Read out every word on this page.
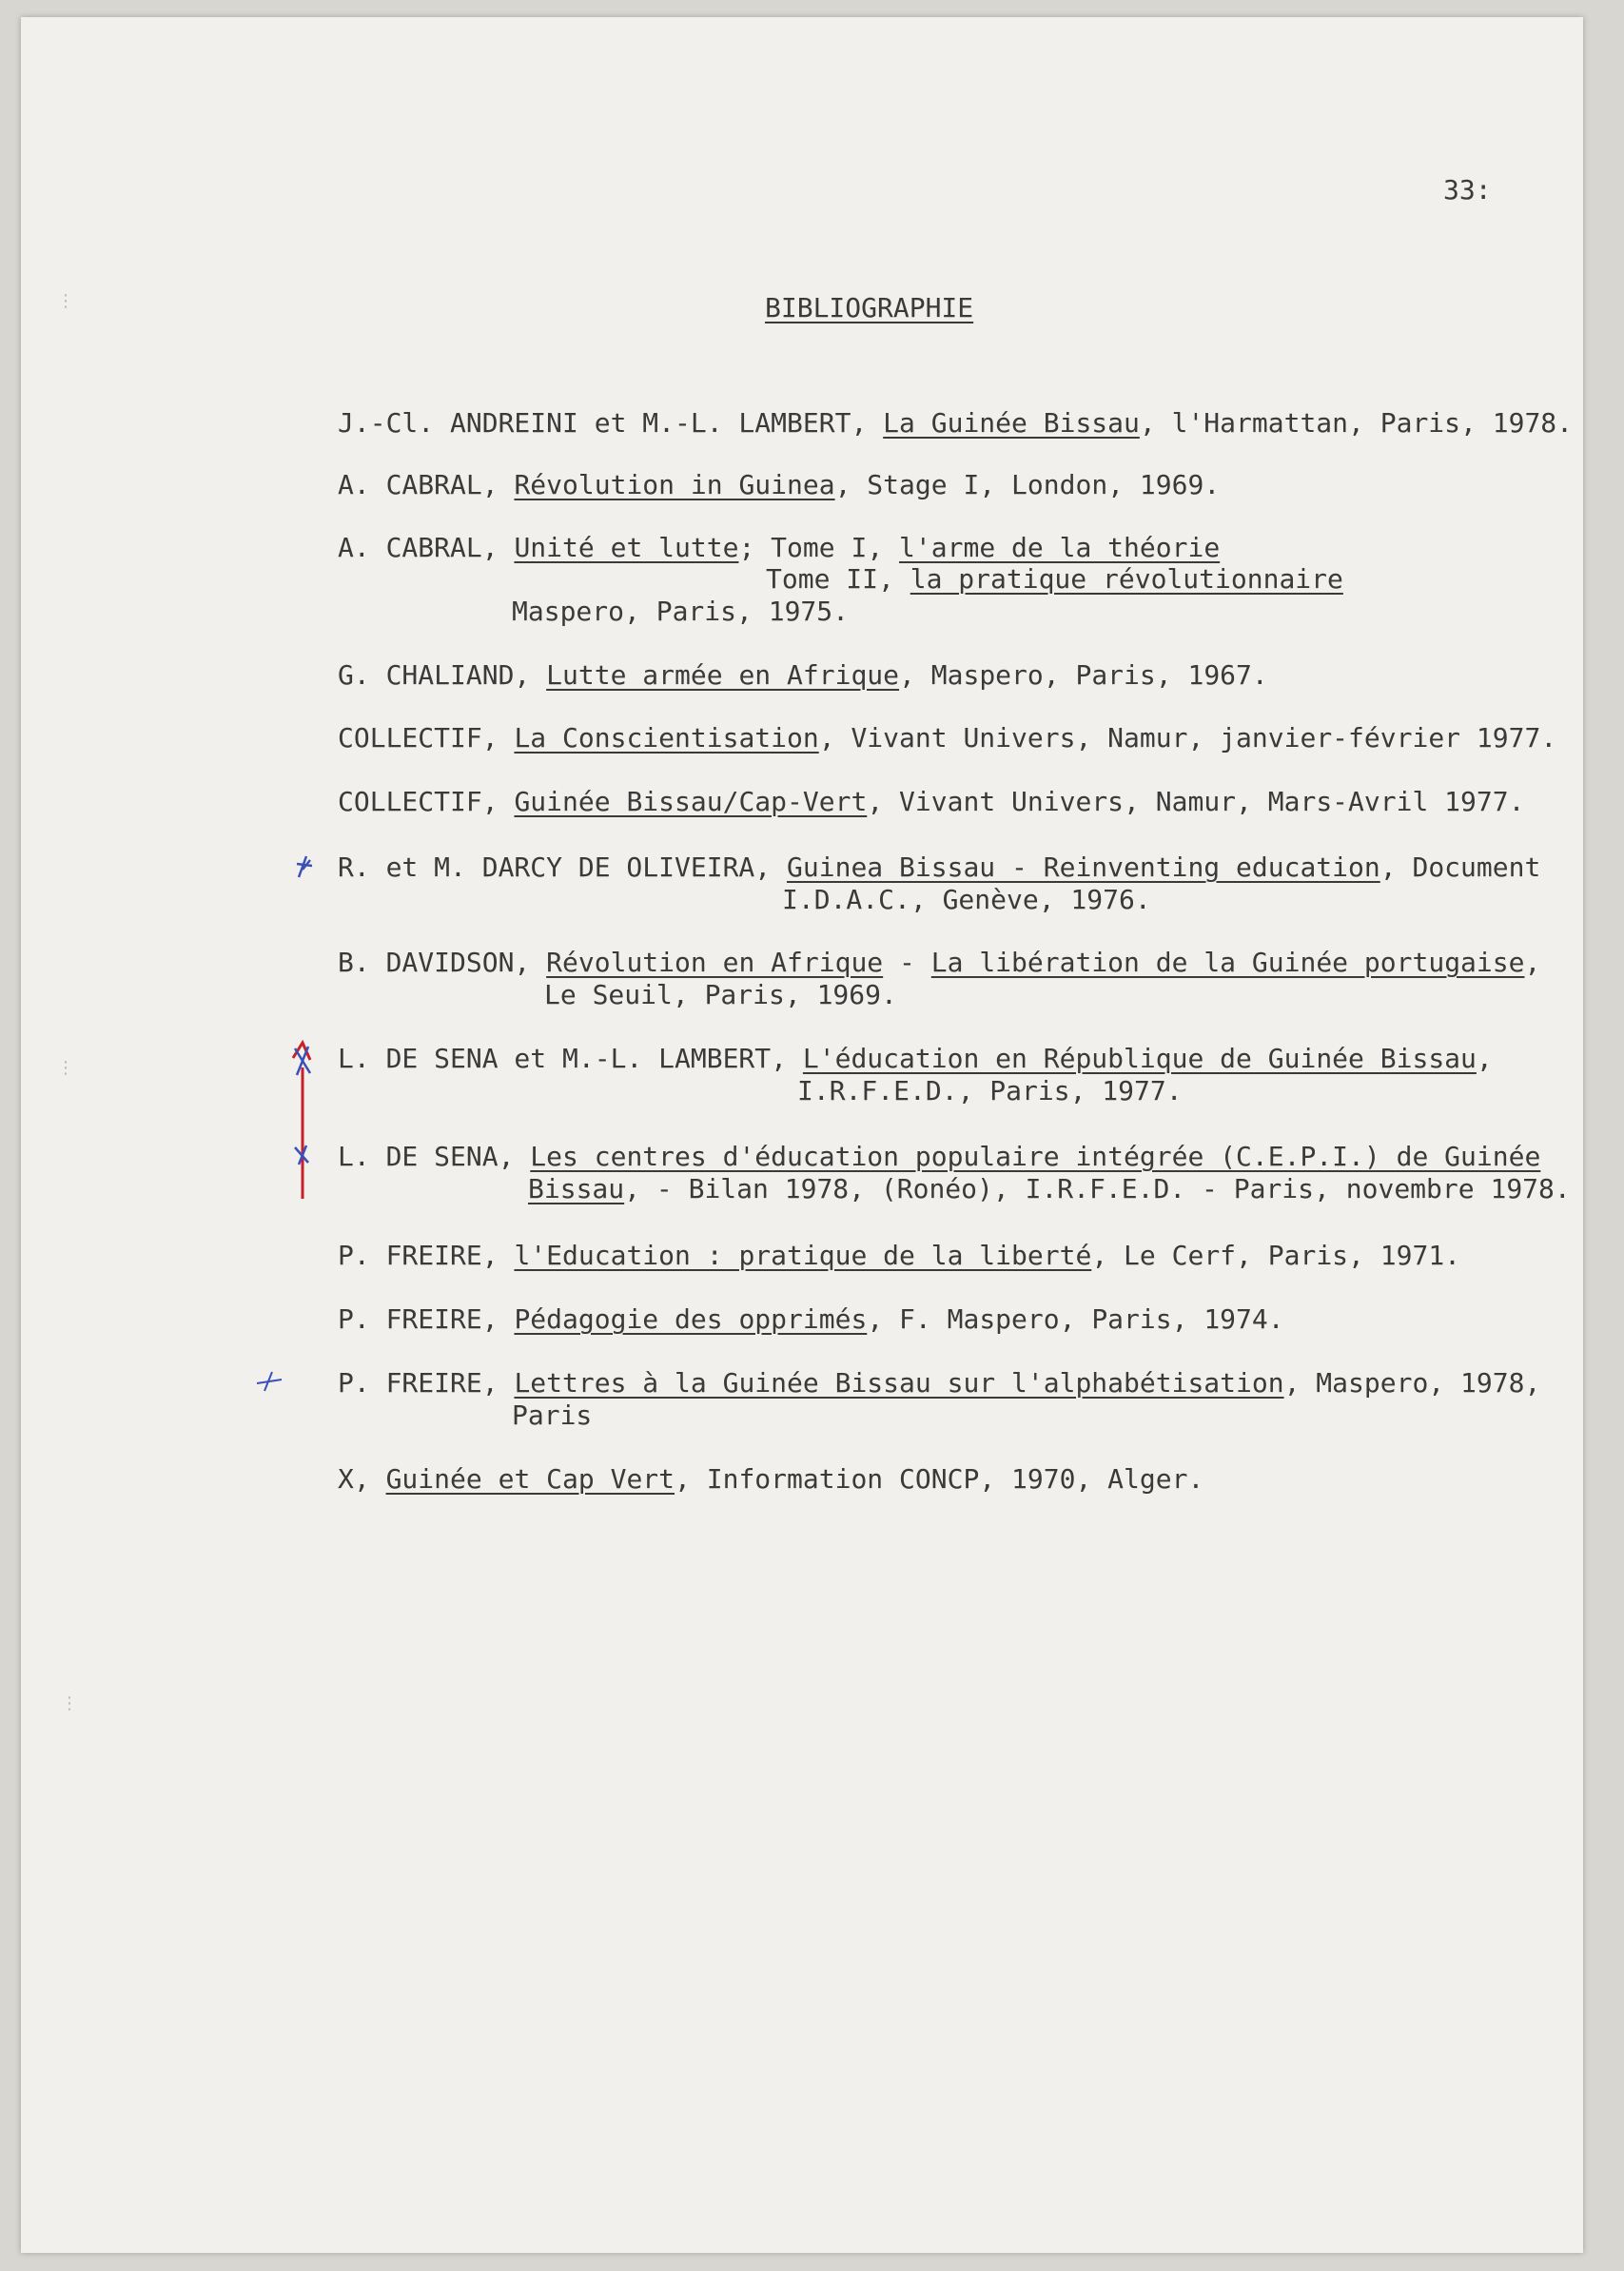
⋮
⋮
⋮
33:
BIBLIOGRAPHIE
J.-Cl. ANDREINI et M.-L. LAMBERT, La Guinée Bissau, l'Harmattan, Paris, 1978.
A. CABRAL, Révolution in Guinea, Stage I, London, 1969.
A. CABRAL, Unité et lutte; Tome I, l'arme de la théorie
Tome II, la pratique révolutionnaire
Maspero, Paris, 1975.
G. CHALIAND, Lutte armée en Afrique, Maspero, Paris, 1967.
COLLECTIF, La Conscientisation, Vivant Univers, Namur, janvier-février 1977.
COLLECTIF, Guinée Bissau/Cap-Vert, Vivant Univers, Namur, Mars-Avril 1977.
R. et M. DARCY DE OLIVEIRA, Guinea Bissau - Reinventing education, Document
I.D.A.C., Genève, 1976.
B. DAVIDSON, Révolution en Afrique - La libération de la Guinée portugaise,
Le Seuil, Paris, 1969.
L. DE SENA et M.-L. LAMBERT, L'éducation en République de Guinée Bissau,
I.R.F.E.D., Paris, 1977.
L. DE SENA, Les centres d'éducation populaire intégrée (C.E.P.I.) de Guinée
Bissau, - Bilan 1978, (Ronéo), I.R.F.E.D. - Paris, novembre 1978.
P. FREIRE, l'Education : pratique de la liberté, Le Cerf, Paris, 1971.
P. FREIRE, Pédagogie des opprimés, F. Maspero, Paris, 1974.
P. FREIRE, Lettres à la Guinée Bissau sur l'alphabétisation, Maspero, 1978,
Paris
X, Guinée et Cap Vert, Information CONCP, 1970, Alger.
